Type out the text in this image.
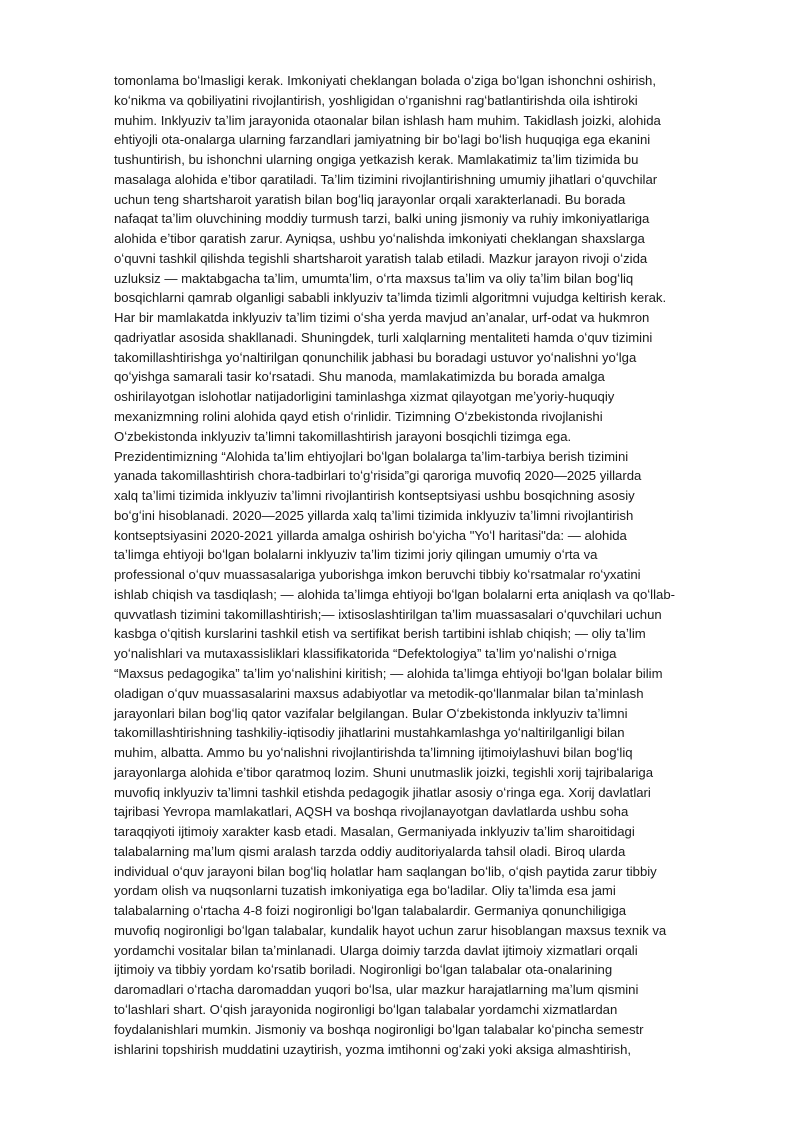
tomonlama boʻlmasligi kerak. Imkoniyati cheklangan bolada oʻziga boʻlgan ishonchni oshirish,
koʻnikma va qobiliyatini rivojlantirish, yoshligidan oʻrganishni ragʻbatlantirishda oila ishtiroki
muhim. Inklyuziv taʼlim jarayonida otaonalar bilan ishlash ham muhim. Takidlash joizki, alohida
ehtiyojli ota-onalarga ularning farzandlari jamiyatning bir boʻlagi boʻlish huquqiga ega ekanini
tushuntirish, bu ishonchni ularning ongiga yetkazish kerak. Mamlakatimiz taʼlim tizimida bu
masalaga alohida eʼtibor qaratiladi. Taʼlim tizimini rivojlantirishning umumiy jihatlari oʻquvchilar
uchun teng shartsharoit yaratish bilan bogʻliq jarayonlar orqali xarakterlanadi. Bu borada
nafaqat taʼlim oluvchining moddiy turmush tarzi, balki uning jismoniy va ruhiy imkoniyatlariga
alohida eʼtibor qaratish zarur. Ayniqsa, ushbu yoʻnalishda imkoniyati cheklangan shaxslarga
oʻquvni tashkil qilishda tegishli shartsharoit yaratish talab etiladi. Mazkur jarayon rivoji oʻzida
uzluksiz — maktabgacha taʼlim, umumtaʼlim, oʻrta maxsus taʼlim va oliy taʼlim bilan bogʻliq
bosqichlarni qamrab olganligi sababli inklyuziv taʼlimda tizimli algoritmni vujudga keltirish kerak.
Har bir mamlakatda inklyuziv taʼlim tizimi oʻsha yerda mavjud anʼanalar, urf-odat va hukmron
qadriyatlar asosida shakllanadi. Shuningdek, turli xalqlarning mentaliteti hamda oʻquv tizimini
takomillashtirishga yoʻnaltirilgan qonunchilik jabhasi bu boradagi ustuvor yoʻnalishni yoʻlga
qoʻyishga samarali tasir koʻrsatadi. Shu manoda, mamlakatimizda bu borada amalga
oshirilayotgan islohotlar natijadorligini taminlashga xizmat qilayotgan meʼyoriy-huquqiy
mexanizmning rolini alohida qayd etish oʻrinlidir. Tizimning Oʻzbekistonda rivojlanishi
Oʻzbekistonda inklyuziv taʼlimni takomillashtirish jarayoni bosqichli tizimga ega.
Prezidentimizning “Alohida taʼlim ehtiyojlari boʻlgan bolalarga taʼlim-tarbiya berish tizimini
yanada takomillashtirish chora-tadbirlari toʻgʻrisida”gi qaroriga muvofiq 2020—2025 yillarda
xalq taʼlimi tizimida inklyuziv taʼlimni rivojlantirish kontseptsiyasi ushbu bosqichning asosiy
boʻgʻini hisoblanadi. 2020—2025 yillarda xalq taʼlimi tizimida inklyuziv taʼlimni rivojlantirish
kontseptsiyasini 2020-2021 yillarda amalga oshirish boʻyicha "Yoʻl haritasi"da: — alohida
taʼlimga ehtiyoji boʻlgan bolalarni inklyuziv taʼlim tizimi joriy qilingan umumiy oʻrta va
professional oʻquv muassasalariga yuborishga imkon beruvchi tibbiy koʻrsatmalar roʻyxatini
ishlab chiqish va tasdiqlash; — alohida taʼlimga ehtiyoji boʻlgan bolalarni erta aniqlash va qoʻllab-
quvvatlash tizimini takomillashtirish;— ixtisoslashtirilgan taʼlim muassasalari oʻquvchilari uchun
kasbga oʻqitish kurslarini tashkil etish va sertifikat berish tartibini ishlab chiqish; — oliy taʼlim
yoʻnalishlari va mutaxassisliklari klassifikatorida “Defektologiya” taʼlim yoʻnalishi oʻrniga
“Maxsus pedagogika” taʼlim yoʻnalishini kiritish; — alohida taʼlimga ehtiyoji boʻlgan bolalar bilim
oladigan oʻquv muassasalarini maxsus adabiyotlar va metodik-qoʻllanmalar bilan taʼminlash
jarayonlari bilan bogʻliq qator vazifalar belgilangan. Bular Oʻzbekistonda inklyuziv taʼlimni
takomillashtirishning tashkiliy-iqtisodiy jihatlarini mustahkamlashga yoʻnaltirilganligi bilan
muhim, albatta. Ammo bu yoʻnalishni rivojlantirishda taʼlimning ijtimoiylashuvi bilan bogʻliq
jarayonlarga alohida eʼtibor qaratmoq lozim. Shuni unutmaslik joizki, tegishli xorij tajribalariga
muvofiq inklyuziv taʼlimni tashkil etishda pedagogik jihatlar asosiy oʻringa ega. Xorij davlatlari
tajribasi Yevropa mamlakatlari, AQSH va boshqa rivojlanayotgan davlatlarda ushbu soha
taraqqiyoti ijtimoiy xarakter kasb etadi. Masalan, Germaniyada inklyuziv taʼlim sharoitidagi
talabalarning maʼlum qismi aralash tarzda oddiy auditoriyalarda tahsil oladi. Biroq ularda
individual oʻquv jarayoni bilan bogʻliq holatlar ham saqlangan boʻlib, oʻqish paytida zarur tibbiy
yordam olish va nuqsonlarni tuzatish imkoniyatiga ega boʻladilar. Oliy taʼlimda esa jami
talabalarning oʻrtacha 4-8 foizi nogironligi boʻlgan talabalardir. Germaniya qonunchiligiga
muvofiq nogironligi boʻlgan talabalar, kundalik hayot uchun zarur hisoblangan maxsus texnik va
yordamchi vositalar bilan taʼminlanadi. Ularga doimiy tarzda davlat ijtimoiy xizmatlari orqali
ijtimoiy va tibbiy yordam koʻrsatib boriladi. Nogironligi boʻlgan talabalar ota-onalarining
daromadlari oʻrtacha daromaddan yuqori boʻlsa, ular mazkur harajatlarning maʼlum qismini
toʻlashlari shart. Oʻqish jarayonida nogironligi boʻlgan talabalar yordamchi xizmatlardan
foydalanishlari mumkin. Jismoniy va boshqa nogironligi boʻlgan talabalar koʻpincha semestr
ishlarini topshirish muddatini uzaytirish, yozma imtihonni ogʻzaki yoki aksiga almashtirish,
